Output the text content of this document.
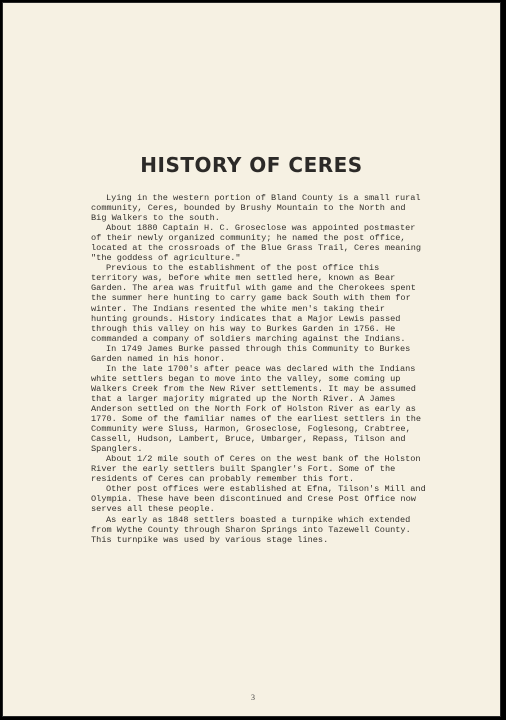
HISTORY OF CERES

Lying in the western portion of Bland County is a small rural community, Ceres, bounded by Brushy Mountain to the North and Big Walkers to the south.

About 1880 Captain H. C. Groseclose was appointed postmaster of their newly organized community; he named the post office, located at the crossroads of the Blue Grass Trail, Ceres meaning "the goddess of agriculture."

Previous to the establishment of the post office this territory was, before white men settled here, known as Bear Garden. The area was fruitful with game and the Cherokees spent the summer here hunting to carry game back South with them for winter. The Indians resented the white men's taking their hunting grounds. History indicates that a Major Lewis passed through this valley on his way to Burkes Garden in 1756. He commanded a company of soldiers marching against the Indians.

In 1749 James Burke passed through this Community to Burkes Garden named in his honor.

In the late 1700's after peace was declared with the Indians white settlers began to move into the valley, some coming up Walkers Creek from the New River settlements. It may be assumed that a larger majority migrated up the North River. A James Anderson settled on the North Fork of Holston River as early as 1770. Some of the familiar names of the earliest settlers in the Community were Sluss, Harmon, Groseclose, Foglesong, Crabtree, Cassell, Hudson, Lambert, Bruce, Umbarger, Repass, Tilson and Spanglers.

About 1/2 mile south of Ceres on the west bank of the Holston River the early settlers built Spangler's Fort. Some of the residents of Ceres can probably remember this fort.

Other post offices were established at Efna, Tilson's Mill and Olympia. These have been discontinued and Crese Post Office now serves all these people.

As early as 1848 settlers boasted a turnpike which extended from Wythe County through Sharon Springs into Tazewell County. This turnpike was used by various stage lines.

3
